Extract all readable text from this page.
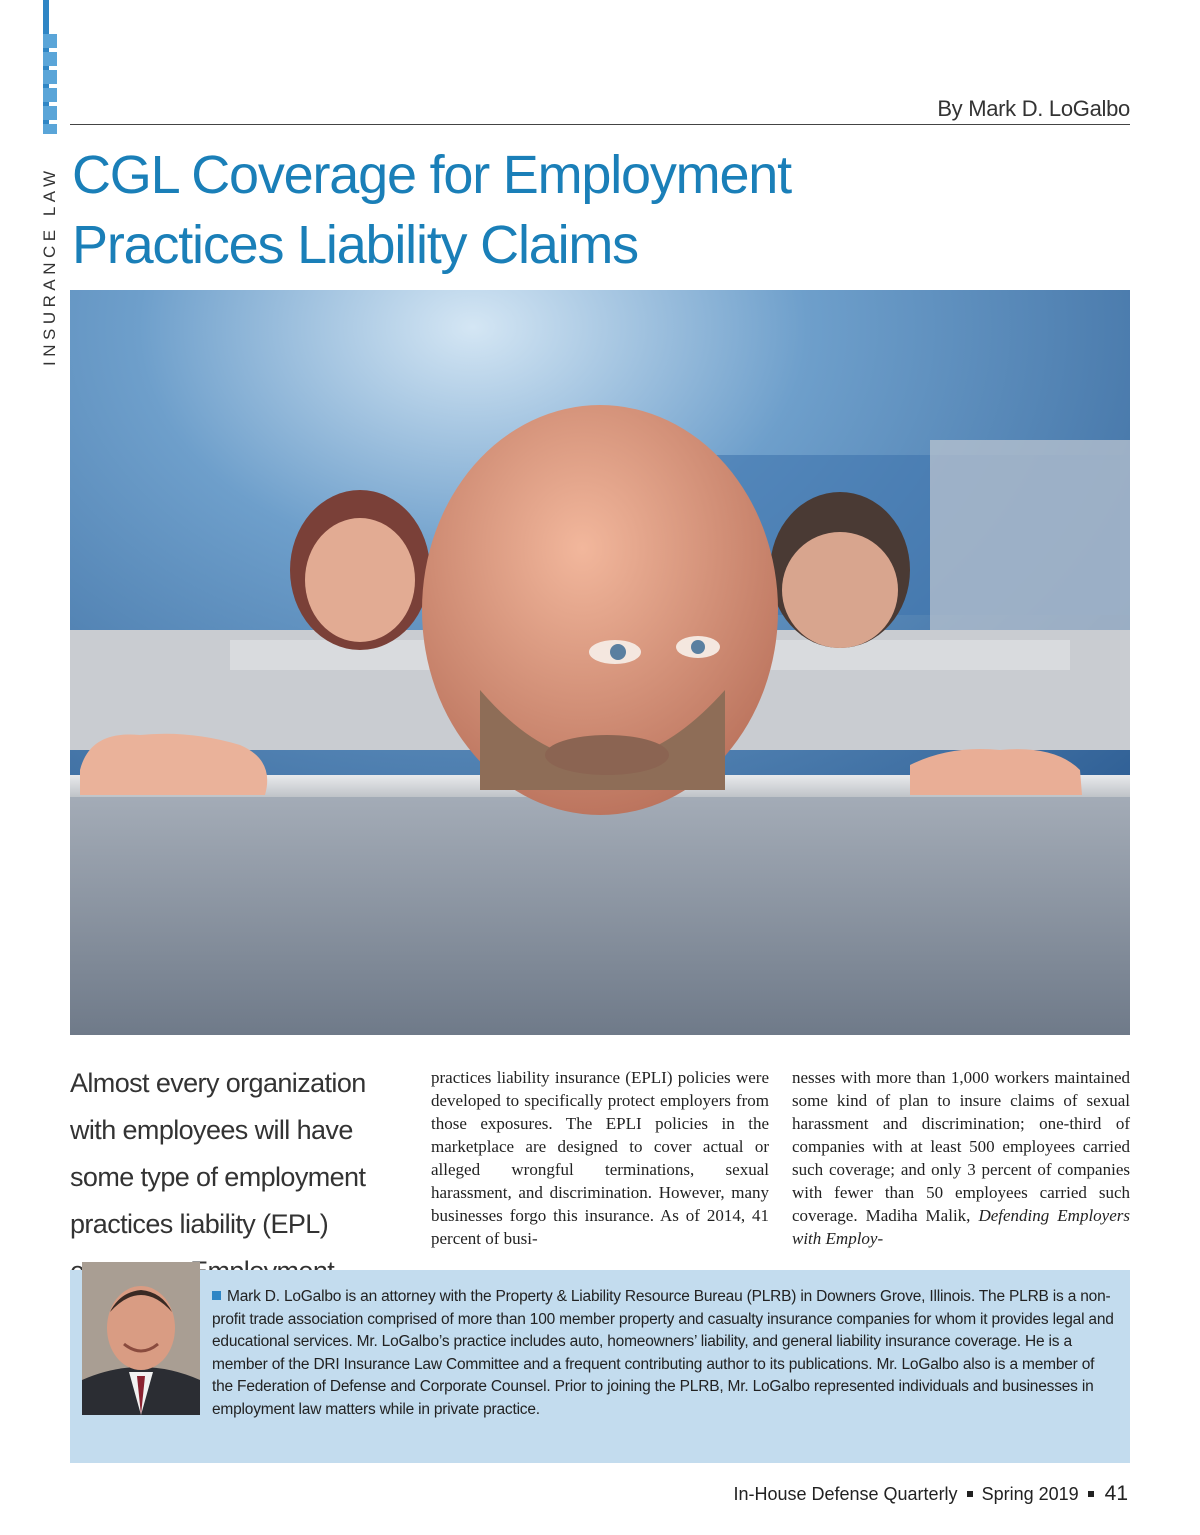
INSURANCE LAW
By Mark D. LoGalbo
CGL Coverage for Employment
Practices Liability Claims
Almost every organization with employees will have some type of employment practices liability (EPL)
practices liability insurance (EPLI) policies were developed to specifically protect employers from those exposures. The EPLI policies in the marketplace are designed to cover actual or alleged wrongful terminations, sexual harassment, and discrimination. However, many businesses forgo this insurance. As of 2014, 41 percent of busi-
nesses with more than 1,000 workers maintained some kind of plan to insure claims of sexual harassment and discrimination; one-third of companies with at least 500 employees carried such coverage; and only 3 percent of companies with fewer than 50 employees carried such coverage. Madiha Malik, Defending Employers with Employ-
Mark D. LoGalbo is an attorney with the Property & Liability Resource Bureau (PLRB) in Downers Grove, Illinois. The PLRB is a non-profit trade association comprised of more than 100 member property and casualty insurance companies for whom it provides legal and educational services. Mr. LoGalbo’s practice includes auto, homeowners’ liability, and general liability insurance coverage. He is a member of the DRI Insurance Law Committee and a frequent contributing author to its publications. Mr. LoGalbo also is a member of the Federation of Defense and Corporate Counsel. Prior to joining the PLRB, Mr. LoGalbo represented individuals and businesses in employment law matters while in private practice.
In-House Defense Quarterly Spring 2019 41
